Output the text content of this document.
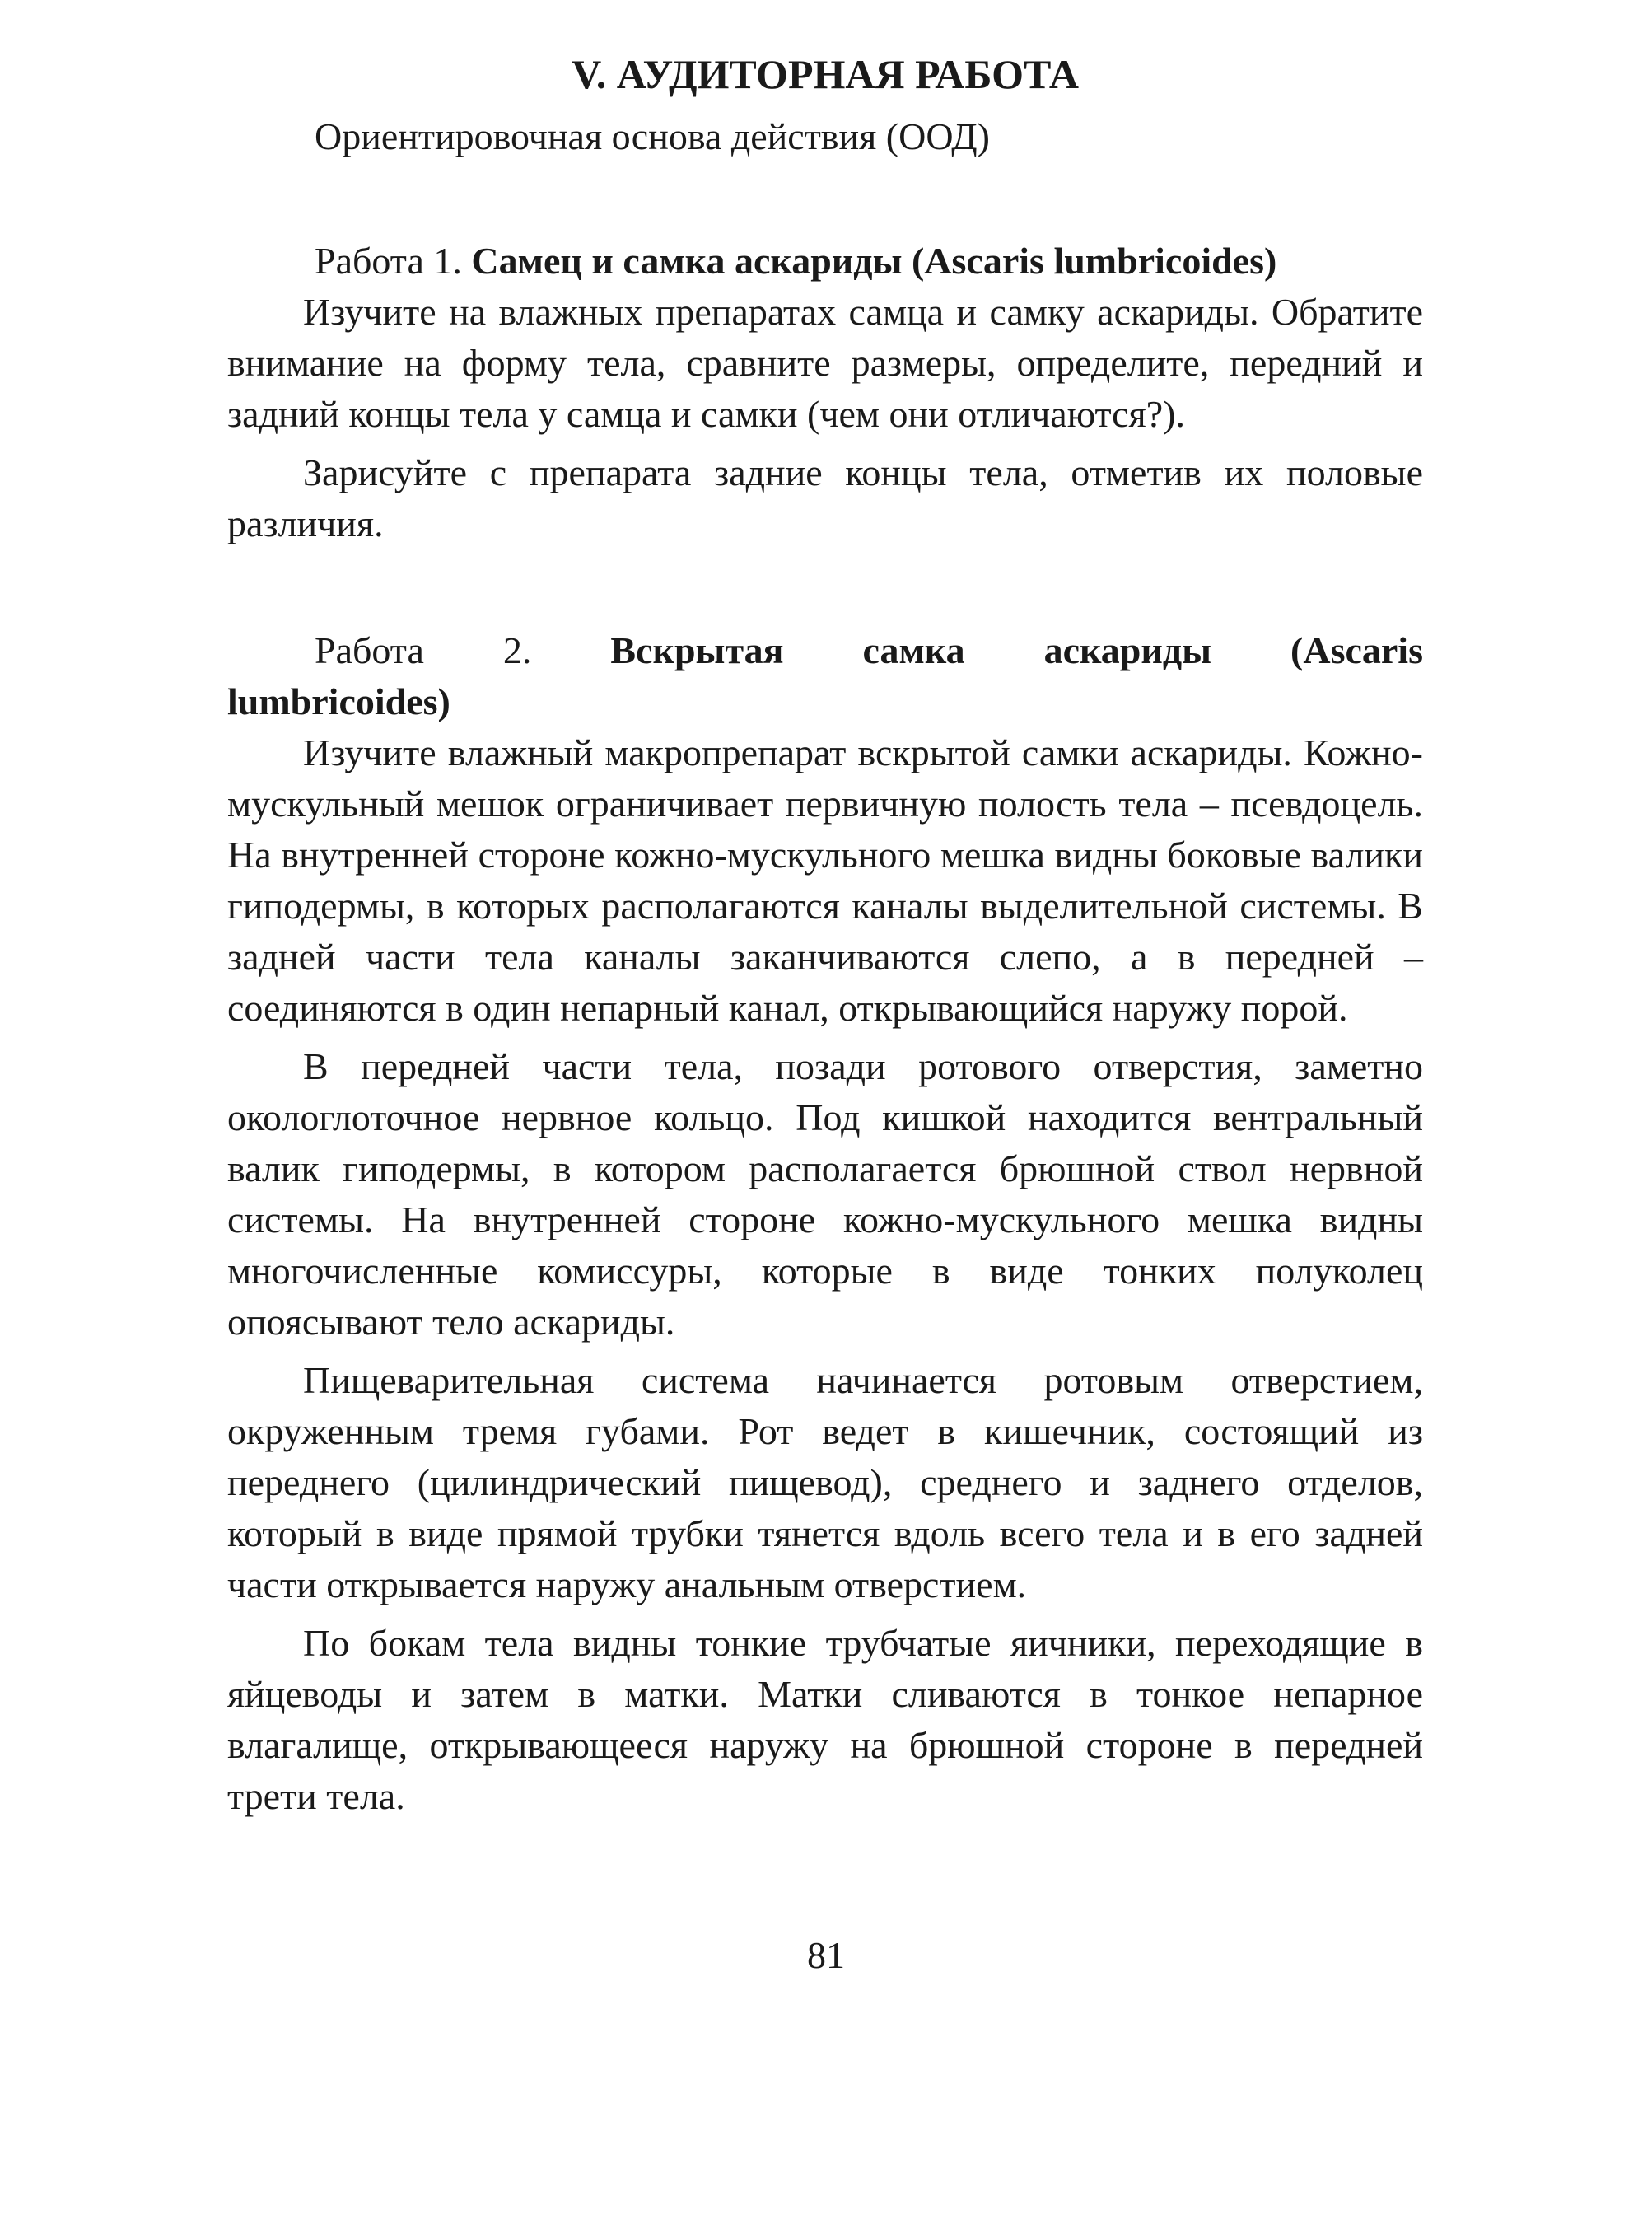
V. АУДИТОРНАЯ РАБОТА
Ориентировочная основа действия (ООД)
Работа 1. Самец и самка аскариды (Ascaris lumbricoides)

Изучите на влажных препаратах самца и самку аскариды. Обратите внимание на форму тела, сравните размеры, определите, передний и задний концы тела у самца и самки (чем они отличаются?).

Зарисуйте с препарата задние концы тела, отметив их половые различия.

Работа 2. Вскрытая самка аскариды (Ascaris lumbricoides)

Изучите влажный макропрепарат вскрытой самки аскариды. Кожно-мускульный мешок ограничивает первичную полость тела – псевдоцель. На внутренней стороне кожно-мускульного мешка видны боковые валики гиподермы, в которых располагаются каналы выделительной системы. В задней части тела каналы заканчиваются слепо, а в передней – соединяются в один непарный канал, открывающийся наружу порой.

В передней части тела, позади ротового отверстия, заметно окологлоточное нервное кольцо. Под кишкой находится вентральный валик гиподермы, в котором располагается брюшной ствол нервной системы. На внутренней стороне кожно-мускульного мешка видны многочисленные комиссуры, которые в виде тонких полуколец опоясывают тело аскариды.

Пищеварительная система начинается ротовым отверстием, окруженным тремя губами. Рот ведет в кишечник, состоящий из переднего (цилиндрический пищевод), среднего и заднего отделов, который в виде прямой трубки тянется вдоль всего тела и в его задней части открывается наружу анальным отверстием.

По бокам тела видны тонкие трубчатые яичники, переходящие в яйцеводы и затем в матки. Матки сливаются в тонкое непарное влагалище, открывающееся наружу на брюшной стороне в передней трети тела.

81
